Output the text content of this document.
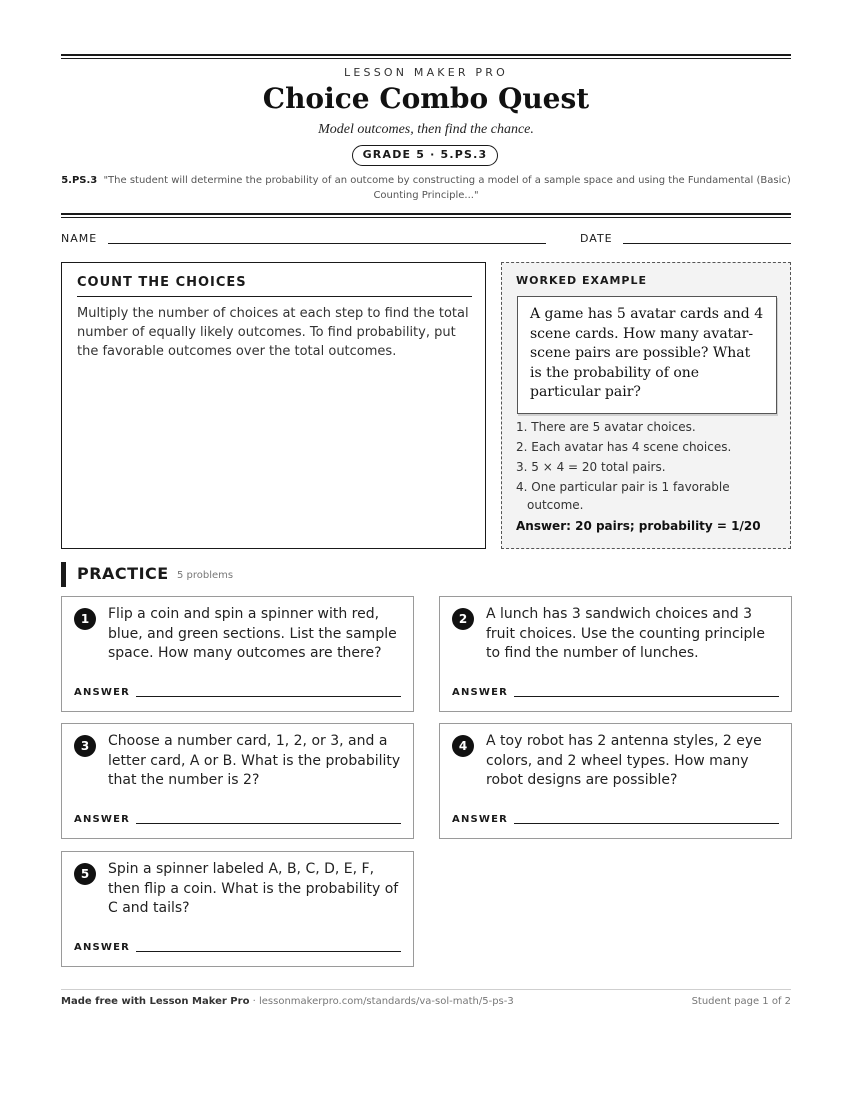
LESSON MAKER PRO
Choice Combo Quest
Model outcomes, then find the chance.
GRADE 5 · 5.PS.3
5.PS.3 "The student will determine the probability of an outcome by constructing a model of a sample space and using the Fundamental (Basic) Counting Principle..."
NAME	DATE
COUNT THE CHOICES
Multiply the number of choices at each step to find the total number of equally likely outcomes. To find probability, put the favorable outcomes over the total outcomes.
WORKED EXAMPLE
A game has 5 avatar cards and 4 scene cards. How many avatar-scene pairs are possible? What is the probability of one particular pair?
1. There are 5 avatar choices.
2. Each avatar has 4 scene choices.
3. 5 × 4 = 20 total pairs.
4. One particular pair is 1 favorable outcome.
Answer: 20 pairs; probability = 1/20
PRACTICE 5 problems
1	Flip a coin and spin a spinner with red, blue, and green sections. List the sample space. How many outcomes are there?
ANSWER
2	A lunch has 3 sandwich choices and 3 fruit choices. Use the counting principle to find the number of lunches.
ANSWER
3	Choose a number card, 1, 2, or 3, and a letter card, A or B. What is the probability that the number is 2?
ANSWER
4	A toy robot has 2 antenna styles, 2 eye colors, and 2 wheel types. How many robot designs are possible?
ANSWER
5	Spin a spinner labeled A, B, C, D, E, F, then flip a coin. What is the probability of C and tails?
ANSWER
Made free with Lesson Maker Pro · lessonmakerpro.com/standards/va-sol-math/5-ps-3	Student page 1 of 2
